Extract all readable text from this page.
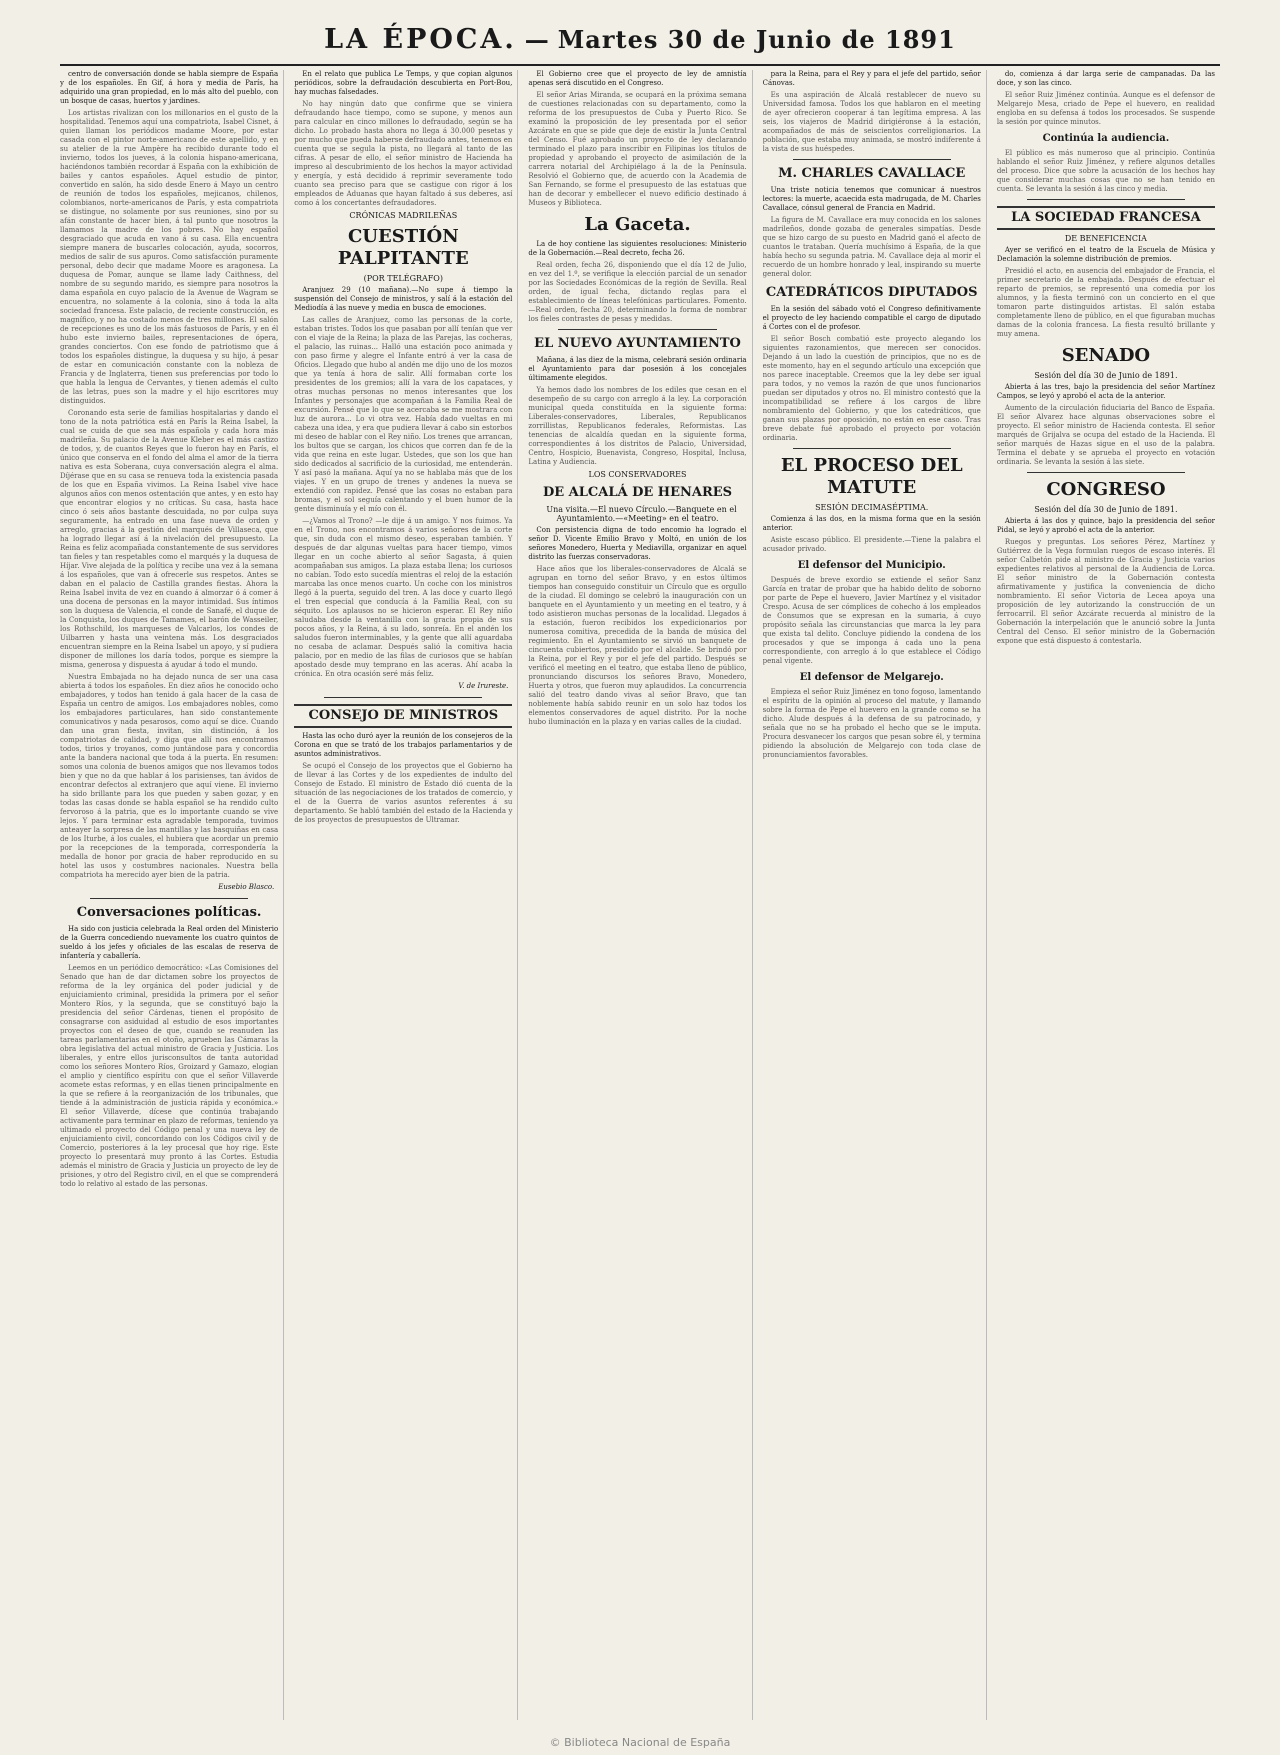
LA ÉPOCA. — Martes 30 de Junio de 1891

centro de conversación donde se habla siempre de España y de los españoles. En Gif, á hora y media de París, ha adquirido una gran propiedad, en lo más alto del pueblo, con un bosque de casas, huertos y jardines.

Los artistas rivalizan con los millonarios en el gusto de la hospitalidad. Tenemos aquí una compatriota, Isabel Cisnet, á quien llaman los periódicos madame Moore, por estar casada con el pintor norte-americano de este apellido, y en su atelier de la rue Ampère ha recibido durante todo el invierno, todos los jueves, á la colonia hispano-americana, haciéndonos también recordar á España con la exhibición de bailes y cantos españoles. Aquel estudio de pintor, convertido en salón, ha sido desde Enero á Mayo un centro de reunión de todos los españoles, mejicanos, chilenos, colombianos, norte-americanos de París, y esta compatriota se distingue, no solamente por sus reuniones, sino por su afán constante de hacer bien, á tal punto que nosotros la llamamos la madre de los pobres. No hay español desgraciado que acuda en vano á su casa. Ella encuentra siempre manera de buscarles colocación, ayuda, socorros, medios de salir de sus apuros. Como satisfacción puramente personal, debo decir que madame Moore es aragonesa. La duquesa de Pomar, aunque se llame lady Caithness, del nombre de su segundo marido, es siempre para nosotros la dama española en cuyo palacio de la Avenue de Wagram se encuentra, no solamente á la colonia, sino á toda la alta sociedad francesa. Este palacio, de reciente construcción, es magnífico, y no ha costado menos de tres millones. El salón de recepciones es uno de los más fastuosos de París, y en él hubo este invierno bailes, representaciones de ópera, grandes conciertos. Con ese fondo de patriotismo que á todos los españoles distingue, la duquesa y su hijo, á pesar de estar en comunicación constante con la nobleza de Francia y de Inglaterra, tienen sus preferencias por todo lo que habla la lengua de Cervantes, y tienen además el culto de las letras, pues son la madre y el hijo escritores muy distinguidos.

Coronando esta serie de familias hospitalarias y dando el tono de la nota patriótica está en París la Reina Isabel, la cual se cuida de que sea más española y cada hora más madrileña. Su palacio de la Avenue Kleber es el más castizo de todos, y, de cuantos Reyes que lo fueron hay en París, el único que conserva en el fondo del alma el amor de la tierra nativa es esta Soberana, cuya conversación alegra el alma. Díjérase que en su casa se renueva toda la existencia pasada de los que en España vivimos. La Reina Isabel vive hace algunos años con menos ostentación que antes, y en esto hay que encontrar elogios y no críticas. Su casa, hasta hace cinco ó seis años bastante descuidada, no por culpa suya seguramente, ha entrado en una fase nueva de orden y arreglo, gracias á la gestión del marqués de Villaseca, que ha logrado llegar así á la nivelación del presupuesto. La Reina es feliz acompañada constantemente de sus servidores tan fieles y tan respetables como el marqués y la duquesa de Híjar. Vive alejada de la política y recibe una vez á la semana á los españoles, que van á ofrecerle sus respetos. Antes se daban en el palacio de Castilla grandes fiestas. Ahora la Reina Isabel invita de vez en cuando á almorzar ó á comer á una docena de personas en la mayor intimidad. Sus íntimos son la duquesa de Valencia, el conde de Sanafé, el duque de la Conquista, los duques de Tamames, el barón de Wasseiler, los Rothschild, los marqueses de Valcarlos, los condes de Uilbarren y hasta una veintena más. Los desgraciados encuentran siempre en la Reina Isabel un apoyo, y sí pudiera disponer de millones los daría todos, porque es siempre la misma, generosa y dispuesta á ayudar á todo el mundo.

Nuestra Embajada no ha dejado nunca de ser una casa abierta á todos los españoles. En diez años he conocido ocho embajadores, y todos han tenido á gala hacer de la casa de España un centro de amigos. Los embajadores nobles, como los embajadores particulares, han sido constantemente comunicativos y nada pesarosos, como aquí se dice. Cuando dan una gran fiesta, invitan, sin distinción, á los compatriotas de calidad, y diga que allí nos encontramos todos, tirios y troyanos, como juntándose para y concordia ante la bandera nacional que toda á la puerta. En resumen: somos una colonia de buenos amigos que nos llevamos todos bien y que no da que hablar á los parisienses, tan ávidos de encontrar defectos al extranjero que aquí viene. El invierno ha sido brillante para los que pueden y saben gozar, y en todas las casas donde se habla español se ha rendido culto fervoroso á la patria, que es lo importante cuando se vive lejos. Y para terminar esta agradable temporada, tuvimos anteayer la sorpresa de las mantillas y las basquiñas en casa de los Iturbe, á los cuales, el hubiera que acordar un premio por la recepciones de la temporada, correspondería la medalla de honor por gracia de haber reproducido en su hotel las usos y costumbres nacionales. Nuestra bella compatriota ha merecido ayer bien de la patria.

Eusebio Blasco.
Conversaciones políticas.

Ha sido con justicia celebrada la Real orden del Ministerio de la Guerra concediendo nuevamente los cuatro quintos de sueldo á los jefes y oficiales de las escalas de reserva de infantería y caballería.

Leemos en un periódico democrático: «Las Comisiones del Senado que han de dar dictamen sobre los proyectos de reforma de la ley orgánica del poder judicial y de enjuiciamiento criminal, presidida la primera por el señor Montero Ríos, y la segunda, que se constituyó bajo la presidencia del señor Cárdenas, tienen el propósito de consagrarse con asiduidad al estudio de esos importantes proyectos con el deseo de que, cuando se reanuden las tareas parlamentarias en el otoño, aprueben las Cámaras la obra legislativa del actual ministro de Gracia y Justicia. Los liberales, y entre ellos jurisconsultos de tanta autoridad como los señores Montero Ríos, Groizard y Gamazo, elogian el amplio y científico espíritu con que el señor Villaverde acomete estas reformas, y en ellas tienen principalmente en la que se refiere á la reorganización de los tribunales, que tiende á la administración de justicia rápida y económica.» El señor Villaverde, dícese que continúa trabajando activamente para terminar en plazo de reformas, teniendo ya ultimado el proyecto del Código penal y una nueva ley de enjuiciamiento civil, concordando con los Códigos civil y de Comercio, posteriores á la ley procesal que hoy rige. Este proyecto lo presentará muy pronto á las Cortes. Estudia además el ministro de Gracia y Justicia un proyecto de ley de prisiones, y otro del Registro civil, en el que se comprenderá todo lo relativo al estado de las personas.

En el relato que publica Le Temps, y que copian algunos periódicos, sobre la defraudación descubierta en Port-Bou, hay muchas falsedades.

No hay ningún dato que confirme que se viniera defraudando hace tiempo, como se supone, y menos aun para calcular en cinco millones lo defraudado, según se ha dicho. Lo probado hasta ahora no llega á 30.000 pesetas y por mucho que pueda haberse defraudado antes, tenemos en cuenta que se segula la pista, no llegará al tanto de las cifras. A pesar de ello, el señor ministro de Hacienda ha impreso al descubrimiento de los hechos la mayor actividad y energía, y está decidido á reprimir severamente todo cuanto sea preciso para que se castigue con rigor á los empleados de Aduanas que hayan faltado á sus deberes, así como á los concertantes defraudadores.

CRÓNICAS MADRILEÑAS
CUESTIÓN PALPITANTE
(POR TELÉGRAFO)

Aranjuez 29 (10 mañana).—No supe á tiempo la suspensión del Consejo de ministros, y salí á la estación del Mediodía á las nueve y media en busca de emociones.

Las calles de Aranjuez, como las personas de la corte, estaban tristes. Todos los que pasaban por allí tenían que ver con el viaje de la Reina; la plaza de las Parejas, las cocheras, el palacio, las ruinas... Halló una estación poco animada y con paso firme y alegre el Infante entró á ver la casa de Oficios. Llegado que hubo al andén me dijo uno de los mozos que ya tenía á hora de salir. Allí formaban corte los presidentes de los gremios; allí la vara de los capataces, y otras muchas personas no menos interesantes que los Infantes y personajes que acompañan á la Familia Real de excursión. Pensé que lo que se acercaba se me mostrara con luz de aurora... Lo vi otra vez. Había dado vueltas en mi cabeza una idea, y era que pudiera llevar á cabo sin estorbos mi deseo de hablar con el Rey niño. Los trenes que arrancan, los bultos que se cargan, los chicos que corren dan fe de la vida que reina en este lugar. Ustedes, que son los que han sido dedicados al sacrificio de la curiosidad, me entenderán. Y así pasó la mañana. Aquí ya no se hablaba más que de los viajes. Y en un grupo de trenes y andenes la nueva se extendió con rapidez. Pensé que las cosas no estaban para bromas, y el sol seguía calentando y el buen humor de la gente disminuía y el mío con él.

—¿Vamos al Trono? —le dije á un amigo. Y nos fuimos. Ya en el Trono, nos encontramos á varios señores de la corte que, sin duda con el mismo deseo, esperaban también. Y después de dar algunas vueltas para hacer tiempo, vimos llegar en un coche abierto al señor Sagasta, á quien acompañaban sus amigos. La plaza estaba llena; los curiosos no cabían. Todo esto sucedía mientras el reloj de la estación marcaba las once menos cuarto. Un coche con los ministros llegó á la puerta, seguido del tren. A las doce y cuarto llegó el tren especial que conducía á la Familia Real, con su séquito. Los aplausos no se hicieron esperar. El Rey niño saludaba desde la ventanilla con la gracia propia de sus pocos años, y la Reina, á su lado, sonreía. En el andén los saludos fueron interminables, y la gente que allí aguardaba no cesaba de aclamar. Después salió la comitiva hacia palacio, por en medio de las filas de curiosos que se habían apostado desde muy temprano en las aceras. Ahí acaba la crónica. En otra ocasión seré más feliz.

V. de Irureste.
CONSEJO DE MINISTROS

Hasta las ocho duró ayer la reunión de los consejeros de la Corona en que se trató de los trabajos parlamentarios y de asuntos administrativos.

Se ocupó el Consejo de los proyectos que el Gobierno ha de llevar á las Cortes y de los expedientes de indulto del Consejo de Estado. El ministro de Estado dió cuenta de la situación de las negociaciones de los tratados de comercio, y el de la Guerra de varios asuntos referentes á su departamento. Se habló también del estado de la Hacienda y de los proyectos de presupuestos de Ultramar.

El Gobierno cree que el proyecto de ley de amnistía apenas será discutido en el Congreso.

El señor Arias Miranda, se ocupará en la próxima semana de cuestiones relacionadas con su departamento, como la reforma de los presupuestos de Cuba y Puerto Rico. Se examinó la proposición de ley presentada por el señor Azcárate en que se pide que deje de existir la Junta Central del Censo. Fué aprobado un proyecto de ley declarando terminado el plazo para inscribir en Filipinas los títulos de propiedad y aprobando el proyecto de asimilación de la carrera notarial del Archipiélago á la de la Península. Resolvió el Gobierno que, de acuerdo con la Academia de San Fernando, se forme el presupuesto de las estatuas que han de decorar y embellecer el nuevo edificio destinado á Museos y Biblioteca.

La Gaceta.

La de hoy contiene las siguientes resoluciones: Ministerio de la Gobernación.—Real decreto, fecha 26.

Real orden, fecha 26, disponiendo que el día 12 de Julio, en vez del 1.º, se verifique la elección parcial de un senador por las Sociedades Económicas de la región de Sevilla. Real orden, de igual fecha, dictando reglas para el establecimiento de líneas telefónicas particulares. Fomento.—Real orden, fecha 20, determinando la forma de nombrar los fieles contrastes de pesas y medidas.

EL NUEVO AYUNTAMIENTO

Mañana, á las diez de la misma, celebrará sesión ordinaria el Ayuntamiento para dar posesión á los concejales últimamente elegidos.

Ya hemos dado los nombres de los ediles que cesan en el desempeño de su cargo con arreglo á la ley. La corporación municipal queda constituída en la siguiente forma: Liberales-conservadores, Liberales, Republicanos zorrillistas, Republicanos federales, Reformistas. Las tenencias de alcaldía quedan en la siguiente forma, correspondientes á los distritos de Palacio, Universidad, Centro, Hospicio, Buenavista, Congreso, Hospital, Inclusa, Latina y Audiencia.

LOS CONSERVADORES
DE ALCALÁ DE HENARES

Una visita.—El nuevo Círculo.—Banquete en el Ayuntamiento.—«Meeting» en el teatro.

Con persistencia digna de todo encomio ha logrado el señor D. Vicente Emilio Bravo y Moltó, en unión de los señores Monedero, Huerta y Mediavilla, organizar en aquel distrito las fuerzas conservadoras.

Hace años que los liberales-conservadores de Alcalá se agrupan en torno del señor Bravo, y en estos últimos tiempos han conseguido constituir un Círculo que es orgullo de la ciudad. El domingo se celebró la inauguración con un banquete en el Ayuntamiento y un meeting en el teatro, y á todo asistieron muchas personas de la localidad. Llegados á la estación, fueron recibidos los expedicionarios por numerosa comitiva, precedida de la banda de música del regimiento. En el Ayuntamiento se sirvió un banquete de cincuenta cubiertos, presidido por el alcalde. Se brindó por la Reina, por el Rey y por el jefe del partido. Después se verificó el meeting en el teatro, que estaba lleno de público, pronunciando discursos los señores Bravo, Monedero, Huerta y otros, que fueron muy aplaudidos. La concurrencia salió del teatro dando vivas al señor Bravo, que tan noblemente había sabido reunir en un solo haz todos los elementos conservadores de aquel distrito. Por la noche hubo iluminación en la plaza y en varias calles de la ciudad.

para la Reina, para el Rey y para el jefe del partido, señor Cánovas.

Es una aspiración de Alcalá restablecer de nuevo su Universidad famosa. Todos los que hablaron en el meeting de ayer ofrecieron cooperar á tan legítima empresa. A las seis, los viajeros de Madrid dirigiéronse á la estación, acompañados de más de seiscientos correligionarios. La población, que estaba muy animada, se mostró indiferente á la vista de sus huéspedes.

M. CHARLES CAVALLACE

Una triste noticia tenemos que comunicar á nuestros lectores: la muerte, acaecida esta madrugada, de M. Charles Cavallace, cónsul general de Francia en Madrid.

La figura de M. Cavallace era muy conocida en los salones madrileños, donde gozaba de generales simpatías. Desde que se hizo cargo de su puesto en Madrid ganó el afecto de cuantos le trataban. Quería muchísimo á España, de la que había hecho su segunda patria. M. Cavallace deja al morir el recuerdo de un hombre honrado y leal, inspirando su muerte general dolor.

CATEDRÁTICOS DIPUTADOS

En la sesión del sábado votó el Congreso definitivamente el proyecto de ley haciendo compatible el cargo de diputado á Cortes con el de profesor.

El señor Bosch combatió este proyecto alegando los siguientes razonamientos, que merecen ser conocidos. Dejando á un lado la cuestión de principios, que no es de este momento, hay en el segundo artículo una excepción que nos parece inaceptable. Creemos que la ley debe ser igual para todos, y no vemos la razón de que unos funcionarios puedan ser diputados y otros no. El ministro contestó que la incompatibilidad se refiere á los cargos de libre nombramiento del Gobierno, y que los catedráticos, que ganan sus plazas por oposición, no están en ese caso. Tras breve debate fué aprobado el proyecto por votación ordinaria.

EL PROCESO DEL MATUTE
SESIÓN DECIMASÉPTIMA.

Comienza á las dos, en la misma forma que en la sesión anterior.

Asiste escaso público. El presidente.—Tiene la palabra el acusador privado.

El defensor del Municipio.

Después de breve exordio se extiende el señor Sanz García en tratar de probar que ha habido delito de soborno por parte de Pepe el huevero, Javier Martínez y el visitador Crespo. Acusa de ser cómplices de cohecho á los empleados de Consumos que se expresan en la sumaria, á cuyo propósito señala las circunstancias que marca la ley para que exista tal delito. Concluye pidiendo la condena de los procesados y que se imponga á cada uno la pena correspondiente, con arreglo á lo que establece el Código penal vigente.

El defensor de Melgarejo.

Empieza el señor Ruiz Jiménez en tono fogoso, lamentando el espíritu de la opinión al proceso del matute, y llamando sobre la forma de Pepe el huevero en la grande como se ha dicho. Alude después á la defensa de su patrocinado, y señala que no se ha probado el hecho que se le imputa. Procura desvanecer los cargos que pesan sobre él, y termina pidiendo la absolución de Melgarejo con toda clase de pronunciamientos favorables.

do, comienza á dar larga serie de campanadas. Da las doce, y son las cinco.

El señor Ruiz Jiménez continúa. Aunque es el defensor de Melgarejo Mesa, criado de Pepe el huevero, en realidad engloba en su defensa á todos los procesados. Se suspende la sesión por quince minutos.

Continúa la audiencia.

El público es más numeroso que al principio. Continúa hablando el señor Ruiz Jiménez, y refiere algunos detalles del proceso. Dice que sobre la acusación de los hechos hay que considerar muchas cosas que no se han tenido en cuenta. Se levanta la sesión á las cinco y media.

LA SOCIEDAD FRANCESA
DE BENEFICENCIA

Ayer se verificó en el teatro de la Escuela de Música y Declamación la solemne distribución de premios.

Presidió el acto, en ausencia del embajador de Francia, el primer secretario de la embajada. Después de efectuar el reparto de premios, se representó una comedia por los alumnos, y la fiesta terminó con un concierto en el que tomaron parte distinguidos artistas. El salón estaba completamente lleno de público, en el que figuraban muchas damas de la colonia francesa. La fiesta resultó brillante y muy amena.

SENADO
Sesión del día 30 de Junio de 1891.

Abierta á las tres, bajo la presidencia del señor Martínez Campos, se leyó y aprobó el acta de la anterior.

Aumento de la circulación fiduciaria del Banco de España. El señor Alvarez hace algunas observaciones sobre el proyecto. El señor ministro de Hacienda contesta. El señor marqués de Grijalva se ocupa del estado de la Hacienda. El señor marqués de Hazas sigue en el uso de la palabra. Termina el debate y se aprueba el proyecto en votación ordinaria. Se levanta la sesión á las siete.

CONGRESO
Sesión del día 30 de Junio de 1891.

Abierta á las dos y quince, bajo la presidencia del señor Pidal, se leyó y aprobó el acta de la anterior.

Ruegos y preguntas. Los señores Pérez, Martínez y Gutiérrez de la Vega formulan ruegos de escaso interés. El señor Calbetón pide al ministro de Gracia y Justicia varios expedientes relativos al personal de la Audiencia de Lorca. El señor ministro de la Gobernación contesta afirmativamente y justifica la conveniencia de dicho nombramiento. El señor Victoria de Lecea apoya una proposición de ley autorizando la construcción de un ferrocarril. El señor Azcárate recuerda al ministro de la Gobernación la interpelación que le anunció sobre la Junta Central del Censo. El señor ministro de la Gobernación expone que está dispuesto á contestarla.

© Biblioteca Nacional de España
